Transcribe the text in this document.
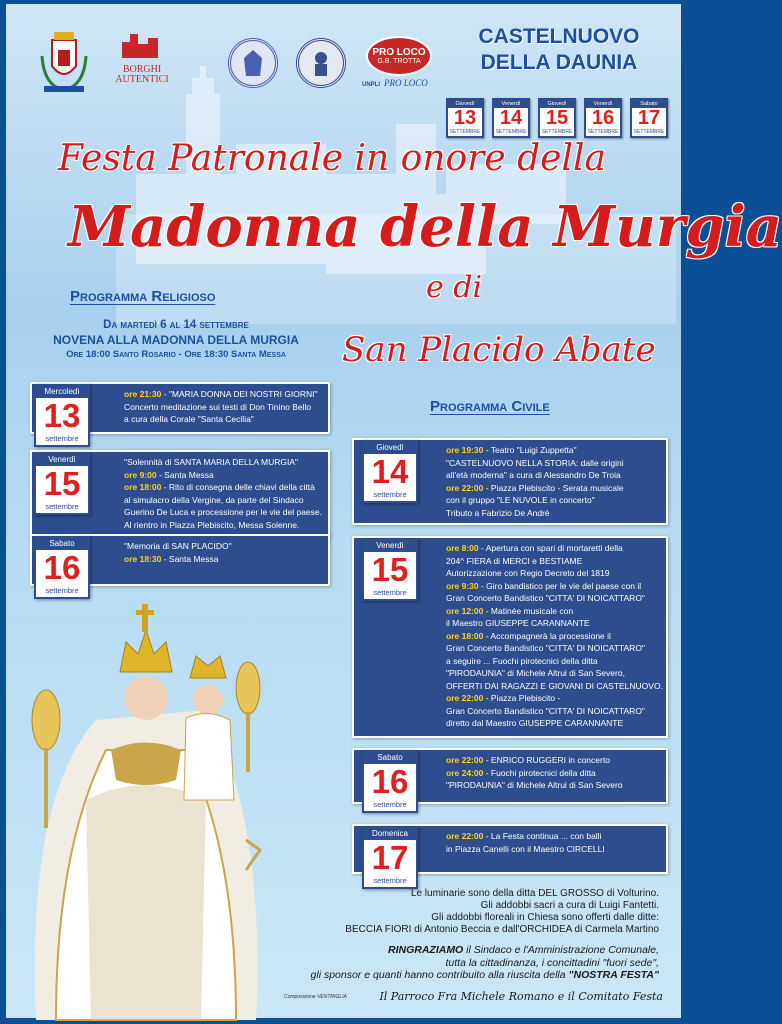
BORGHI
AUTENTICI
PRO LOCO
G.B. TROTTA
UNPLI PRO LOCO
CASTELNUOVO
DELLA DAUNIA
Giovedì
13
SETTEMBRE
Venerdì
14
SETTEMBRE
Giovedì
15
SETTEMBRE
Venerdì
16
SETTEMBRE
Sabato
17
SETTEMBRE
Festa Patronale in onore della
Madonna della Murgia
e di
San Placido Abate
Programma Religioso
Da martedì 6 al 14 settembre
NOVENA ALLA MADONNA DELLA MURGIA
Ore 18:00 Santo Rosario - Ore 18:30 Santa Messa

ore 21:30 - "MARIA DONNA DEI NOSTRI GIORNI"

Concerto meditazione sui testi di Don Tinino Bello

a cura della Corale "Santa Cecilia"

Mercoledì
13
settembre

"Solennità di SANTA MARIA DELLA MURGIA"

ore 9:00 - Santa Messa

ore 18:00 - Rito di consegna delle chiavi della città

al simulacro della Vergine, da parte del Sindaco

Guerino De Luca e processione per le vie del paese.

Al rientro in Piazza Plebiscito, Messa Solenne.

Venerdì
15
settembre

"Memoria di SAN PLACIDO"

ore 18:30 - Santa Messa

Sabato
16
settembre
Programma Civile

ore 19:30 - Teatro "Luigi Zuppetta"

"CASTELNUOVO NELLA STORIA: dalle origini

all'età moderna" a cura di Alessandro De Troia

ore 22:00 - Piazza Plebiscito - Serata musicale

con il gruppo "LE NUVOLE in concerto"

Tributo a Fabrizio De Andrè

Giovedì
14
settembre

ore 8:00 - Apertura con spari di mortaretti della

204^ FIERA di MERCI e BESTIAME

Autorizzazione con Regio Decreto del 1819

ore 9:30 - Giro bandistico per le vie del paese con il

Gran Concerto Bandistico "CITTA' DI NOICATTARO"

ore 12:00 - Matinée musicale con

il Maestro GIUSEPPE CARANNANTE

ore 18:00 - Accompagnerà la processione il

Gran Concerto Bandistico "CITTA' DI NOICATTARO"

a seguire ... Fuochi pirotecnici della ditta

"PIRODAUNIA" di Michele Altrui di San Severo,

OFFERTI DAI RAGAZZI E GIOVANI DI CASTELNUOVO.

ore 22:00 - Piazza Plebiscito -

Gran Concerto Bandistico "CITTA' DI NOICATTARO"

diretto dal Maestro GIUSEPPE CARANNANTE

Venerdì
15
settembre

ore 22:00 - ENRICO RUGGERI in concerto

ore 24:00 - Fuochi pirotecnici della ditta

"PIRODAUNIA" di Michele Altrui di San Severo

Sabato
16
settembre

ore 22:00 - La Festa continua ... con balli

in Piazza Canelli con il Maestro CIRCELLI

Domenica
17
settembre
Le luminarie sono della ditta DEL GROSSO di Volturino.
Gli addobbi sacri a cura di Luigi Fantetti.
Gli addobbi floreali in Chiesa sono offerti dalle ditte:
BECCIA FIORI di Antonio Beccia e dall'ORCHIDEA di Carmela Martino
RINGRAZIAMO il Sindaco e l'Amministrazione Comunale,
tutta la cittadinanza, i concittadini "fuori sede",
gli sponsor e quanti hanno contribuito alla riuscita della "NOSTRA FESTA"
Il Parroco Fra Michele Romano e il Comitato Festa
Composizione VENTRIGLIA
